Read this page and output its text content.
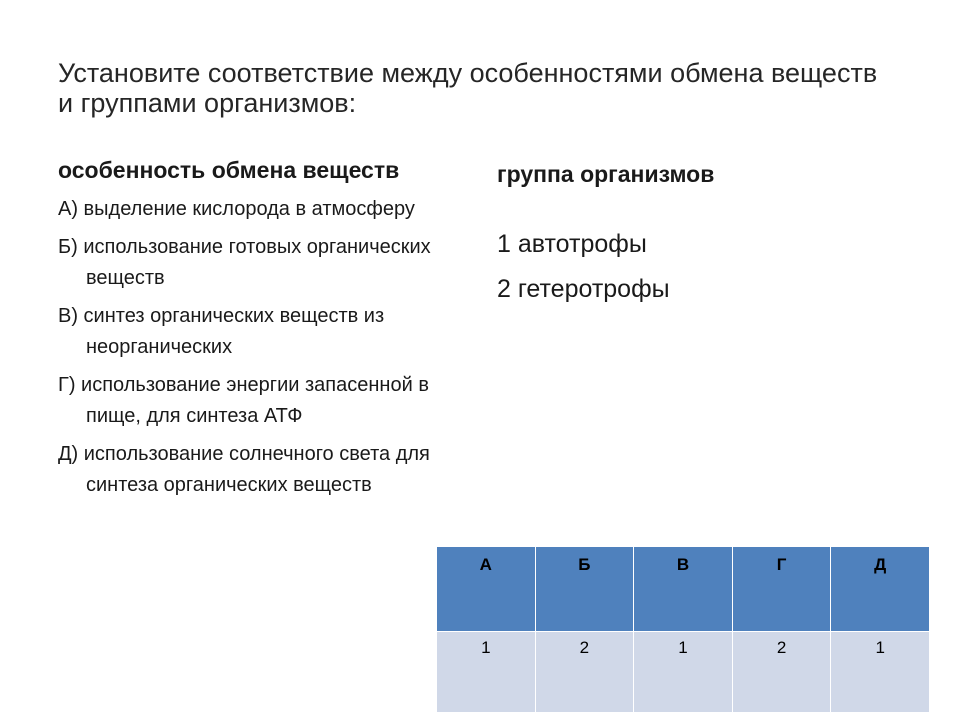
Установите соответствие между особенностями обмена веществ и группами организмов:
особенность обмена веществ
А) выделение кислорода в атмосферу
Б) использование готовых органических веществ
В) синтез органических веществ из неорганических
Г) использование энергии запасенной в пище, для синтеза АТФ
Д) использование солнечного света для синтеза органических веществ
группа организмов
1 автотрофы
2 гетеротрофы
А	Б	В	Г	Д
1	2	1	2	1
